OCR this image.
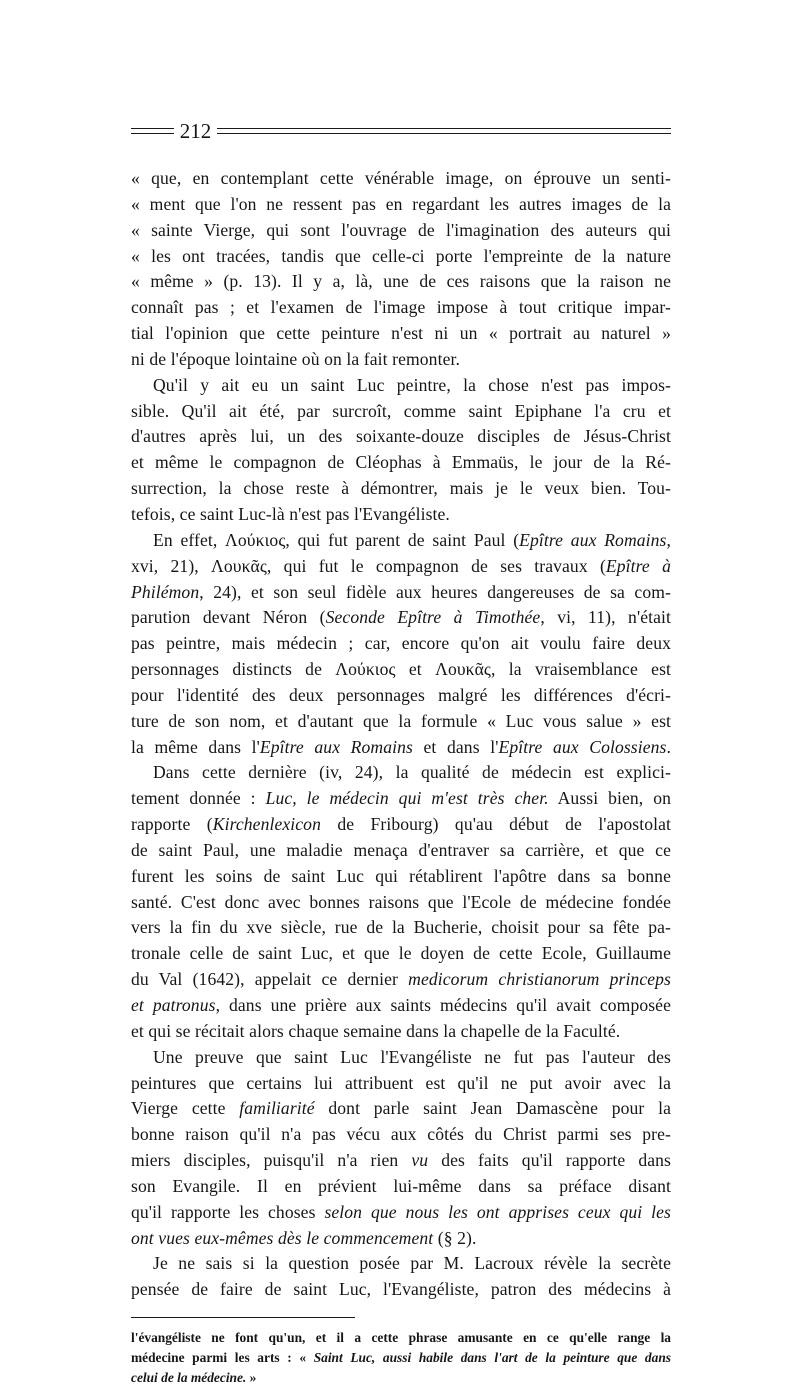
212
« que, en contemplant cette vénérable image, on éprouve un senti-
« ment que l'on ne ressent pas en regardant les autres images de la
« sainte Vierge, qui sont l'ouvrage de l'imagination des auteurs qui
« les ont tracées, tandis que celle-ci porte l'empreinte de la nature
« même » (p. 13). Il y a, là, une de ces raisons que la raison ne
connaît pas ; et l'examen de l'image impose à tout critique impar-
tial l'opinion que cette peinture n'est ni un « portrait au naturel »
ni de l'époque lointaine où on la fait remonter.
Qu'il y ait eu un saint Luc peintre, la chose n'est pas impos-
sible. Qu'il ait été, par surcroît, comme saint Epiphane l'a cru et
d'autres après lui, un des soixante-douze disciples de Jésus-Christ
et même le compagnon de Cléophas à Emmaüs, le jour de la Ré-
surrection, la chose reste à démontrer, mais je le veux bien. Tou-
tefois, ce saint Luc-là n'est pas l'Evangéliste.
En effet, Λούκιος, qui fut parent de saint Paul (Epître aux Romains,
xvi, 21), Λουκᾶς, qui fut le compagnon de ses travaux (Epître à
Philémon, 24), et son seul fidèle aux heures dangereuses de sa com-
parution devant Néron (Seconde Epître à Timothée, vi, 11), n'était
pas peintre, mais médecin ; car, encore qu'on ait voulu faire deux
personnages distincts de Λούκιος et Λουκᾶς, la vraisemblance est
pour l'identité des deux personnages malgré les différences d'écri-
ture de son nom, et d'autant que la formule « Luc vous salue » est
la même dans l'Epître aux Romains et dans l'Epître aux Colossiens.
Dans cette dernière (iv, 24), la qualité de médecin est explici-
tement donnée : Luc, le médecin qui m'est très cher. Aussi bien, on
rapporte (Kirchenlexicon de Fribourg) qu'au début de l'apostolat
de saint Paul, une maladie menaça d'entraver sa carrière, et que ce
furent les soins de saint Luc qui rétablirent l'apôtre dans sa bonne
santé. C'est donc avec bonnes raisons que l'Ecole de médecine fondée
vers la fin du xve siècle, rue de la Bucherie, choisit pour sa fête pa-
tronale celle de saint Luc, et que le doyen de cette Ecole, Guillaume
du Val (1642), appelait ce dernier medicorum christianorum princeps
et patronus, dans une prière aux saints médecins qu'il avait composée
et qui se récitait alors chaque semaine dans la chapelle de la Faculté.
Une preuve que saint Luc l'Evangéliste ne fut pas l'auteur des
peintures que certains lui attribuent est qu'il ne put avoir avec la
Vierge cette familiarité dont parle saint Jean Damascène pour la
bonne raison qu'il n'a pas vécu aux côtés du Christ parmi ses pre-
miers disciples, puisqu'il n'a rien vu des faits qu'il rapporte dans
son Evangile. Il en prévient lui-même dans sa préface disant
qu'il rapporte les choses selon que nous les ont apprises ceux qui les
ont vues eux-mêmes dès le commencement (§ 2).
Je ne sais si la question posée par M. Lacroux révèle la secrète
pensée de faire de saint Luc, l'Evangéliste, patron des médecins à
l'évangéliste ne font qu'un, et il a cette phrase amusante en ce qu'elle range la
médecine parmi les arts : « Saint Luc, aussi habile dans l'art de la peinture que dans
celui de la médecine. »
